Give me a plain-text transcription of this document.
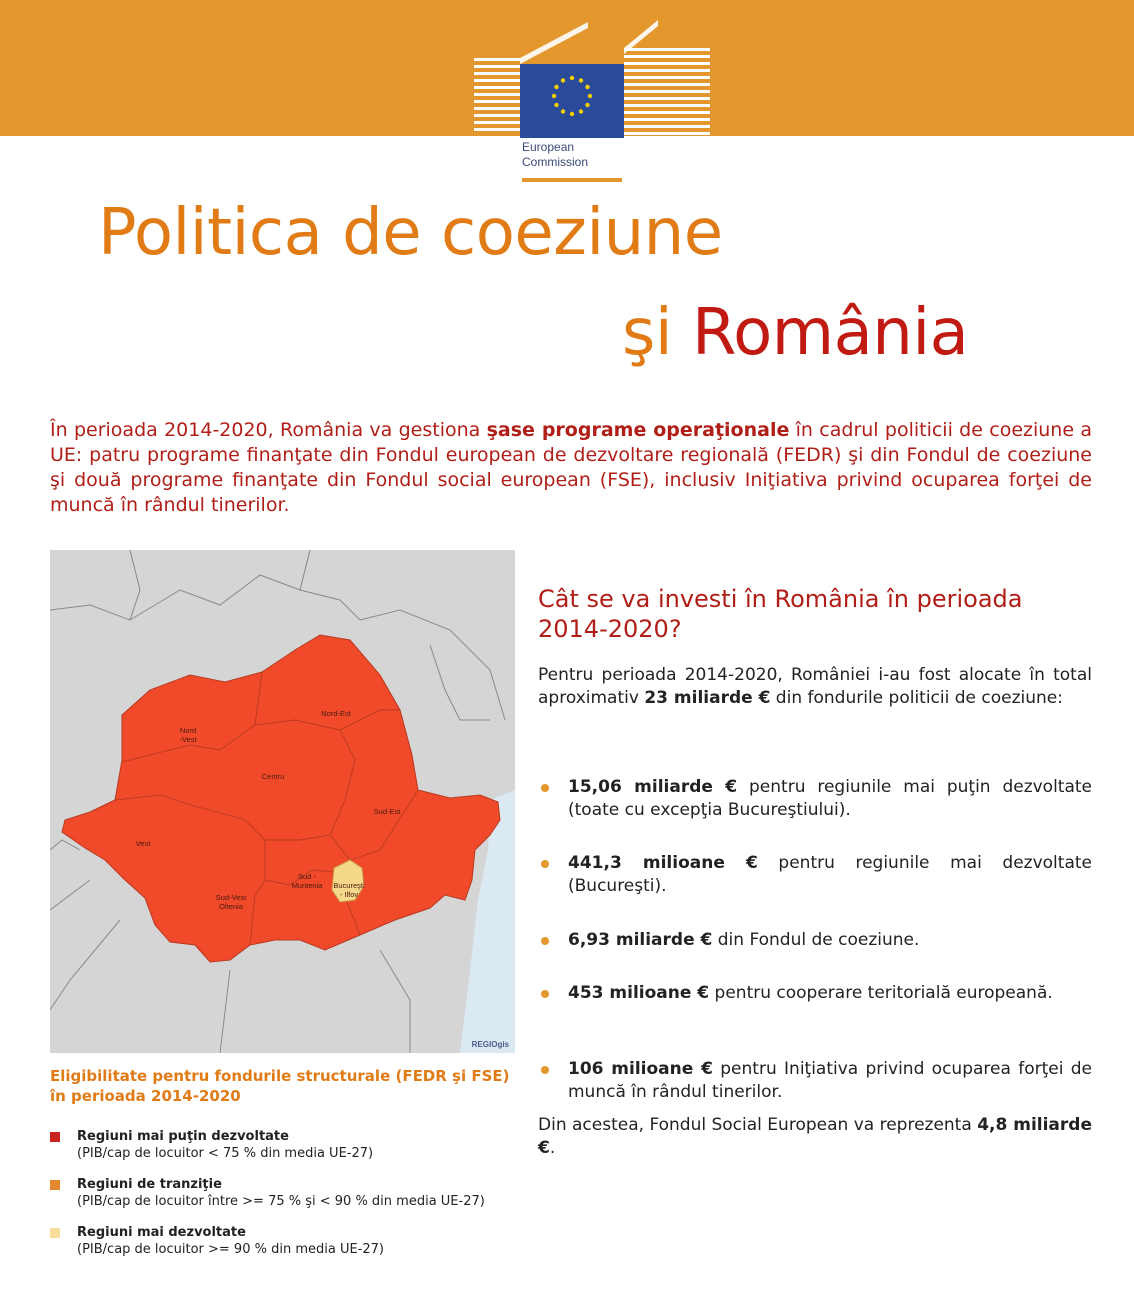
European
Commission
Politica de coeziune
şi România
În perioada 2014-2020, România va gestiona şase programe operaţionale în cadrul politicii de coeziune a UE: patru programe finanţate din Fondul european de dezvoltare regională (FEDR) şi din Fondul de coeziune şi două programe finanţate din Fondul social european (FSE), inclusiv Iniţiativa privind ocuparea forţei de muncă în rândul tinerilor.
Nord -Vest
Nord-Est
Centru
Sud-Est
Vest
Sud -Muntenia
Sud-Vest Oltenia
Bucureşti - Ilfov
REGIOgis
Eligibilitate pentru fondurile structurale (FEDR şi FSE) în perioada 2014-2020
Regiuni mai puţin dezvoltate
(PIB/cap de locuitor < 75 % din media UE-27)
Regiuni de tranziţie
(PIB/cap de locuitor între >= 75 % şi < 90 % din media UE-27)
Regiuni mai dezvoltate
(PIB/cap de locuitor >= 90 % din media UE-27)
Cât se va investi în România în perioada 2014-2020?
Pentru perioada 2014-2020, României i-au fost alocate în total aproximativ 23 miliarde € din fondurile politicii de coeziune:
15,06 miliarde € pentru regiunile mai puţin dezvoltate (toate cu excepţia Bucureştiului).
441,3 milioane € pentru regiunile mai dezvoltate (Bucureşti).
6,93 miliarde € din Fondul de coeziune.
453 milioane € pentru cooperare teritorială europeană.
106 milioane € pentru Iniţiativa privind ocuparea forţei de muncă în rândul tinerilor.
Din acestea, Fondul Social European va reprezenta 4,8 miliarde €.
